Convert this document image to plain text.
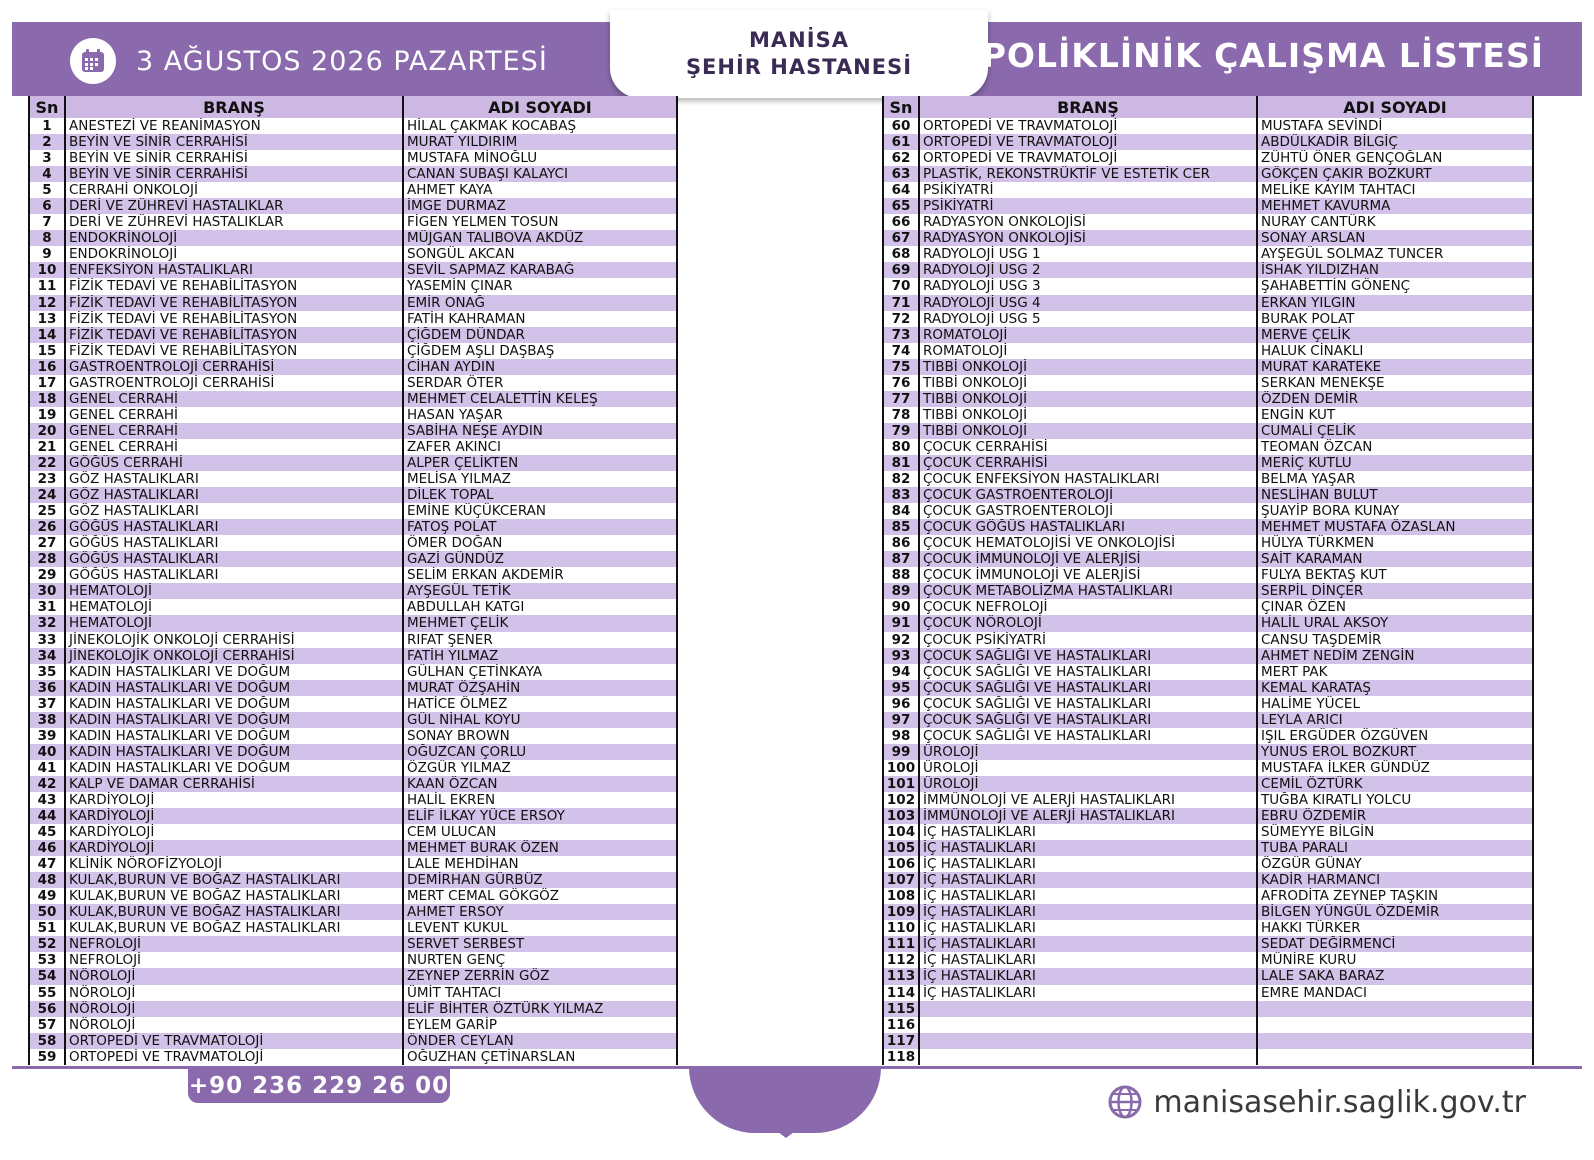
3 AĞUSTOS 2026 PAZARTESİ
MANİSA
ŞEHİR HASTANESİ POLİKLİNİK ÇALIŞMA LİSTESİ
Sn	BRANŞ	ADI SOYADI
1	ANESTEZİ VE REANİMASYON	HİLAL ÇAKMAK KOCABAŞ
2	BEYİN VE SİNİR CERRAHİSİ	MURAT YILDIRIM
3	BEYİN VE SİNİR CERRAHİSİ	MUSTAFA MİNOĞLU
4	BEYİN VE SİNİR CERRAHİSİ	CANAN SUBAŞI KALAYCI
5	CERRAHİ ONKOLOJİ	AHMET KAYA
6	DERİ VE ZÜHREVİ HASTALIKLAR	İMGE DURMAZ
7	DERİ VE ZÜHREVİ HASTALIKLAR	FİGEN YELMEN TOSUN
8	ENDOKRİNOLOJİ	MÜJGAN TALIBOVA AKDÜZ
9	ENDOKRİNOLOJİ	SONGÜL AKCAN
10 ENFEKSİYON HASTALIKLARI	SEVİL SAPMAZ KARABAĞ
11 FİZİK TEDAVİ VE REHABİLİTASYON	YASEMİN ÇINAR
12 FİZİK TEDAVİ VE REHABİLİTASYON	EMİR ONAĞ
13 FİZİK TEDAVİ VE REHABİLİTASYON	FATİH KAHRAMAN
14 FİZİK TEDAVİ VE REHABİLİTASYON	ÇİĞDEM DÜNDAR
15 FİZİK TEDAVİ VE REHABİLİTASYON	ÇİĞDEM AŞLI DAŞBAŞ
16 GASTROENTROLOJİ CERRAHİSİ	CİHAN AYDIN
17 GASTROENTROLOJİ CERRAHİSİ	SERDAR ÖTER
18 GENEL CERRAHİ	MEHMET CELALETTİN KELEŞ
19 GENEL CERRAHİ	HASAN YAŞAR
20 GENEL CERRAHİ	SABİHA NEŞE AYDIN
21 GENEL CERRAHİ	ZAFER AKINCI
22 GÖĞÜS CERRAHİ	ALPER ÇELİKTEN
23 GÖZ HASTALIKLARI	MELİSA YILMAZ
24 GÖZ HASTALIKLARI	DİLEK TOPAL
25 GÖZ HASTALIKLARI	EMİNE KÜÇÜKCERAN
26 GÖĞÜS HASTALIKLARI	FATOŞ POLAT
27 GÖĞÜS HASTALIKLARI	ÖMER DOĞAN
28 GÖĞÜS HASTALIKLARI	GAZİ GÜNDÜZ
29 GÖĞÜS HASTALIKLARI	SELİM ERKAN AKDEMİR
30 HEMATOLOJİ	AYŞEGÜL TETİK
31 HEMATOLOJİ	ABDULLAH KATGI
32 HEMATOLOJİ	MEHMET ÇELİK
33 JİNEKOLOJİK ONKOLOJİ CERRAHİSİ	RIFAT ŞENER
34 JİNEKOLOJİK ONKOLOJİ CERRAHİSİ	FATİH YILMAZ
35 KADIN HASTALIKLARI VE DOĞUM	GÜLHAN ÇETİNKAYA
36 KADIN HASTALIKLARI VE DOĞUM	MURAT ÖZŞAHİN
37 KADIN HASTALIKLARI VE DOĞUM	HATİCE ÖLMEZ
38 KADIN HASTALIKLARI VE DOĞUM	GÜL NİHAL KOYU
39 KADIN HASTALIKLARI VE DOĞUM	SONAY BROWN
40 KADIN HASTALIKLARI VE DOĞUM	OĞUZCAN ÇORLU
41 KADIN HASTALIKLARI VE DOĞUM	ÖZGÜR YILMAZ
42 KALP VE DAMAR CERRAHİSİ	KAAN ÖZCAN
43 KARDİYOLOJİ	HALİL EKREN
44 KARDİYOLOJİ	ELİF İLKAY YÜCE ERSOY
45 KARDİYOLOJİ	CEM ULUCAN
46 KARDİYOLOJİ	MEHMET BURAK ÖZEN
47 KLİNİK NÖROFİZYOLOJİ	LALE MEHDİHAN
48 KULAK,BURUN VE BOĞAZ HASTALIKLARI	DEMİRHAN GÜRBÜZ
49 KULAK,BURUN VE BOĞAZ HASTALIKLARI	MERT CEMAL GÖKGÖZ
50 KULAK,BURUN VE BOĞAZ HASTALIKLARI	AHMET ERSOY
51 KULAK,BURUN VE BOĞAZ HASTALIKLARI	LEVENT KUKUL
52 NEFROLOJİ	SERVET SERBEST
53 NEFROLOJİ	NURTEN GENÇ
54 NÖROLOJİ	ZEYNEP ZERRİN GÖZ
55 NÖROLOJİ	ÜMİT TAHTACI
56 NÖROLOJİ	ELİF BİHTER ÖZTÜRK YILMAZ
57 NÖROLOJİ	EYLEM GARİP
58 ORTOPEDİ VE TRAVMATOLOJİ	ÖNDER CEYLAN
59 ORTOPEDİ VE TRAVMATOLOJİ	OĞUZHAN ÇETİNARSLAN
Sn	BRANŞ	ADI SOYADI
60 ORTOPEDİ VE TRAVMATOLOJİ	MUSTAFA SEVİNDİ
61 ORTOPEDİ VE TRAVMATOLOJİ	ABDÜLKADİR BİLGİÇ
62 ORTOPEDİ VE TRAVMATOLOJİ	ZÜHTÜ ÖNER GENÇOĞLAN
63 PLASTİK, REKONSTRÜKTİF VE ESTETİK CER	GÖKÇEN ÇAKIR BOZKURT
64 PSİKİYATRİ	MELİKE KAYIM TAHTACI
65 PSİKİYATRİ	MEHMET KAVURMA
66 RADYASYON ONKOLOJİSİ	NURAY CANTÜRK
67 RADYASYON ONKOLOJİSİ	SONAY ARSLAN
68 RADYOLOJİ USG 1	AYŞEGÜL SOLMAZ TUNCER
69 RADYOLOJİ USG 2	İSHAK YILDIZHAN
70 RADYOLOJİ USG 3	ŞAHABETTİN GÖNENÇ
71 RADYOLOJİ USG 4	ERKAN YILGIN
72 RADYOLOJİ USG 5	BURAK POLAT
73 ROMATOLOJİ	MERVE ÇELİK
74 ROMATOLOJİ	HALUK CİNAKLI
75 TIBBİ ONKOLOJİ	MURAT KARATEKE
76 TIBBİ ONKOLOJİ	SERKAN MENEKŞE
77 TIBBİ ONKOLOJİ	ÖZDEN DEMİR
78 TIBBİ ONKOLOJİ	ENGİN KUT
79 TIBBİ ONKOLOJİ	CUMALİ ÇELİK
80 ÇOCUK CERRAHİSİ	TEOMAN ÖZCAN
81 ÇOCUK CERRAHİSİ	MERİÇ KUTLU
82 ÇOCUK ENFEKSİYON HASTALIKLARI	BELMA YAŞAR
83 ÇOCUK GASTROENTEROLOJİ	NESLİHAN BULUT
84 ÇOCUK GASTROENTEROLOJİ	ŞUAYİP BORA KUNAY
85 ÇOCUK GÖĞÜS HASTALIKLARI	MEHMET MUSTAFA ÖZASLAN
86 ÇOCUK HEMATOLOJİSİ VE ONKOLOJİSİ	HÜLYA TÜRKMEN
87 ÇOCUK İMMUNOLOJİ VE ALERJİSİ	SAİT KARAMAN
88 ÇOCUK İMMUNOLOJİ VE ALERJİSİ	FULYA BEKTAŞ KUT
89 ÇOCUK METABOLİZMA HASTALIKLARI	SERPİL DİNÇER
90 ÇOCUK NEFROLOJİ	ÇINAR ÖZEN
91 ÇOCUK NÖROLOJİ	HALİL URAL AKSOY
92 ÇOCUK PSİKİYATRİ	CANSU TAŞDEMİR
93 ÇOCUK SAĞLIĞI VE HASTALIKLARI	AHMET NEDİM ZENGİN
94 ÇOCUK SAĞLIĞI VE HASTALIKLARI	MERT PAK
95 ÇOCUK SAĞLIĞI VE HASTALIKLARI	KEMAL KARATAŞ
96 ÇOCUK SAĞLIĞI VE HASTALIKLARI	HALİME YÜCEL
97 ÇOCUK SAĞLIĞI VE HASTALIKLARI	LEYLA ARICI
98 ÇOCUK SAĞLIĞI VE HASTALIKLARI	IŞIL ERGÜDER ÖZGÜVEN
99 ÜROLOJİ	YUNUS EROL BOZKURT
100 ÜROLOJİ	MUSTAFA İLKER GÜNDÜZ
101 ÜROLOJİ	CEMİL ÖZTÜRK
102 İMMÜNOLOJİ VE ALERJİ HASTALIKLARI	TUĞBA KIRATLI YOLCU
103 İMMÜNOLOJİ VE ALERJİ HASTALIKLARI	EBRU ÖZDEMİR
104 İÇ HASTALIKLARI	SÜMEYYE BİLGİN
105 İÇ HASTALIKLARI	TUBA PARALI
106 İÇ HASTALIKLARI	ÖZGÜR GÜNAY
107 İÇ HASTALIKLARI	KADİR HARMANCI
108 İÇ HASTALIKLARI	AFRODİTA ZEYNEP TAŞKIN
109 İÇ HASTALIKLARI	BİLGEN YÜNGÜL ÖZDEMİR
110 İÇ HASTALIKLARI	HAKKI TÜRKER
111 İÇ HASTALIKLARI	SEDAT DEĞİRMENCİ
112 İÇ HASTALIKLARI	MÜNİRE KURU
113 İÇ HASTALIKLARI	LALE SAKA BARAZ
114 İÇ HASTALIKLARI	EMRE MANDACI
115
116
117
118
+90 236 229 26 00	manisasehir.saglik.gov.tr
